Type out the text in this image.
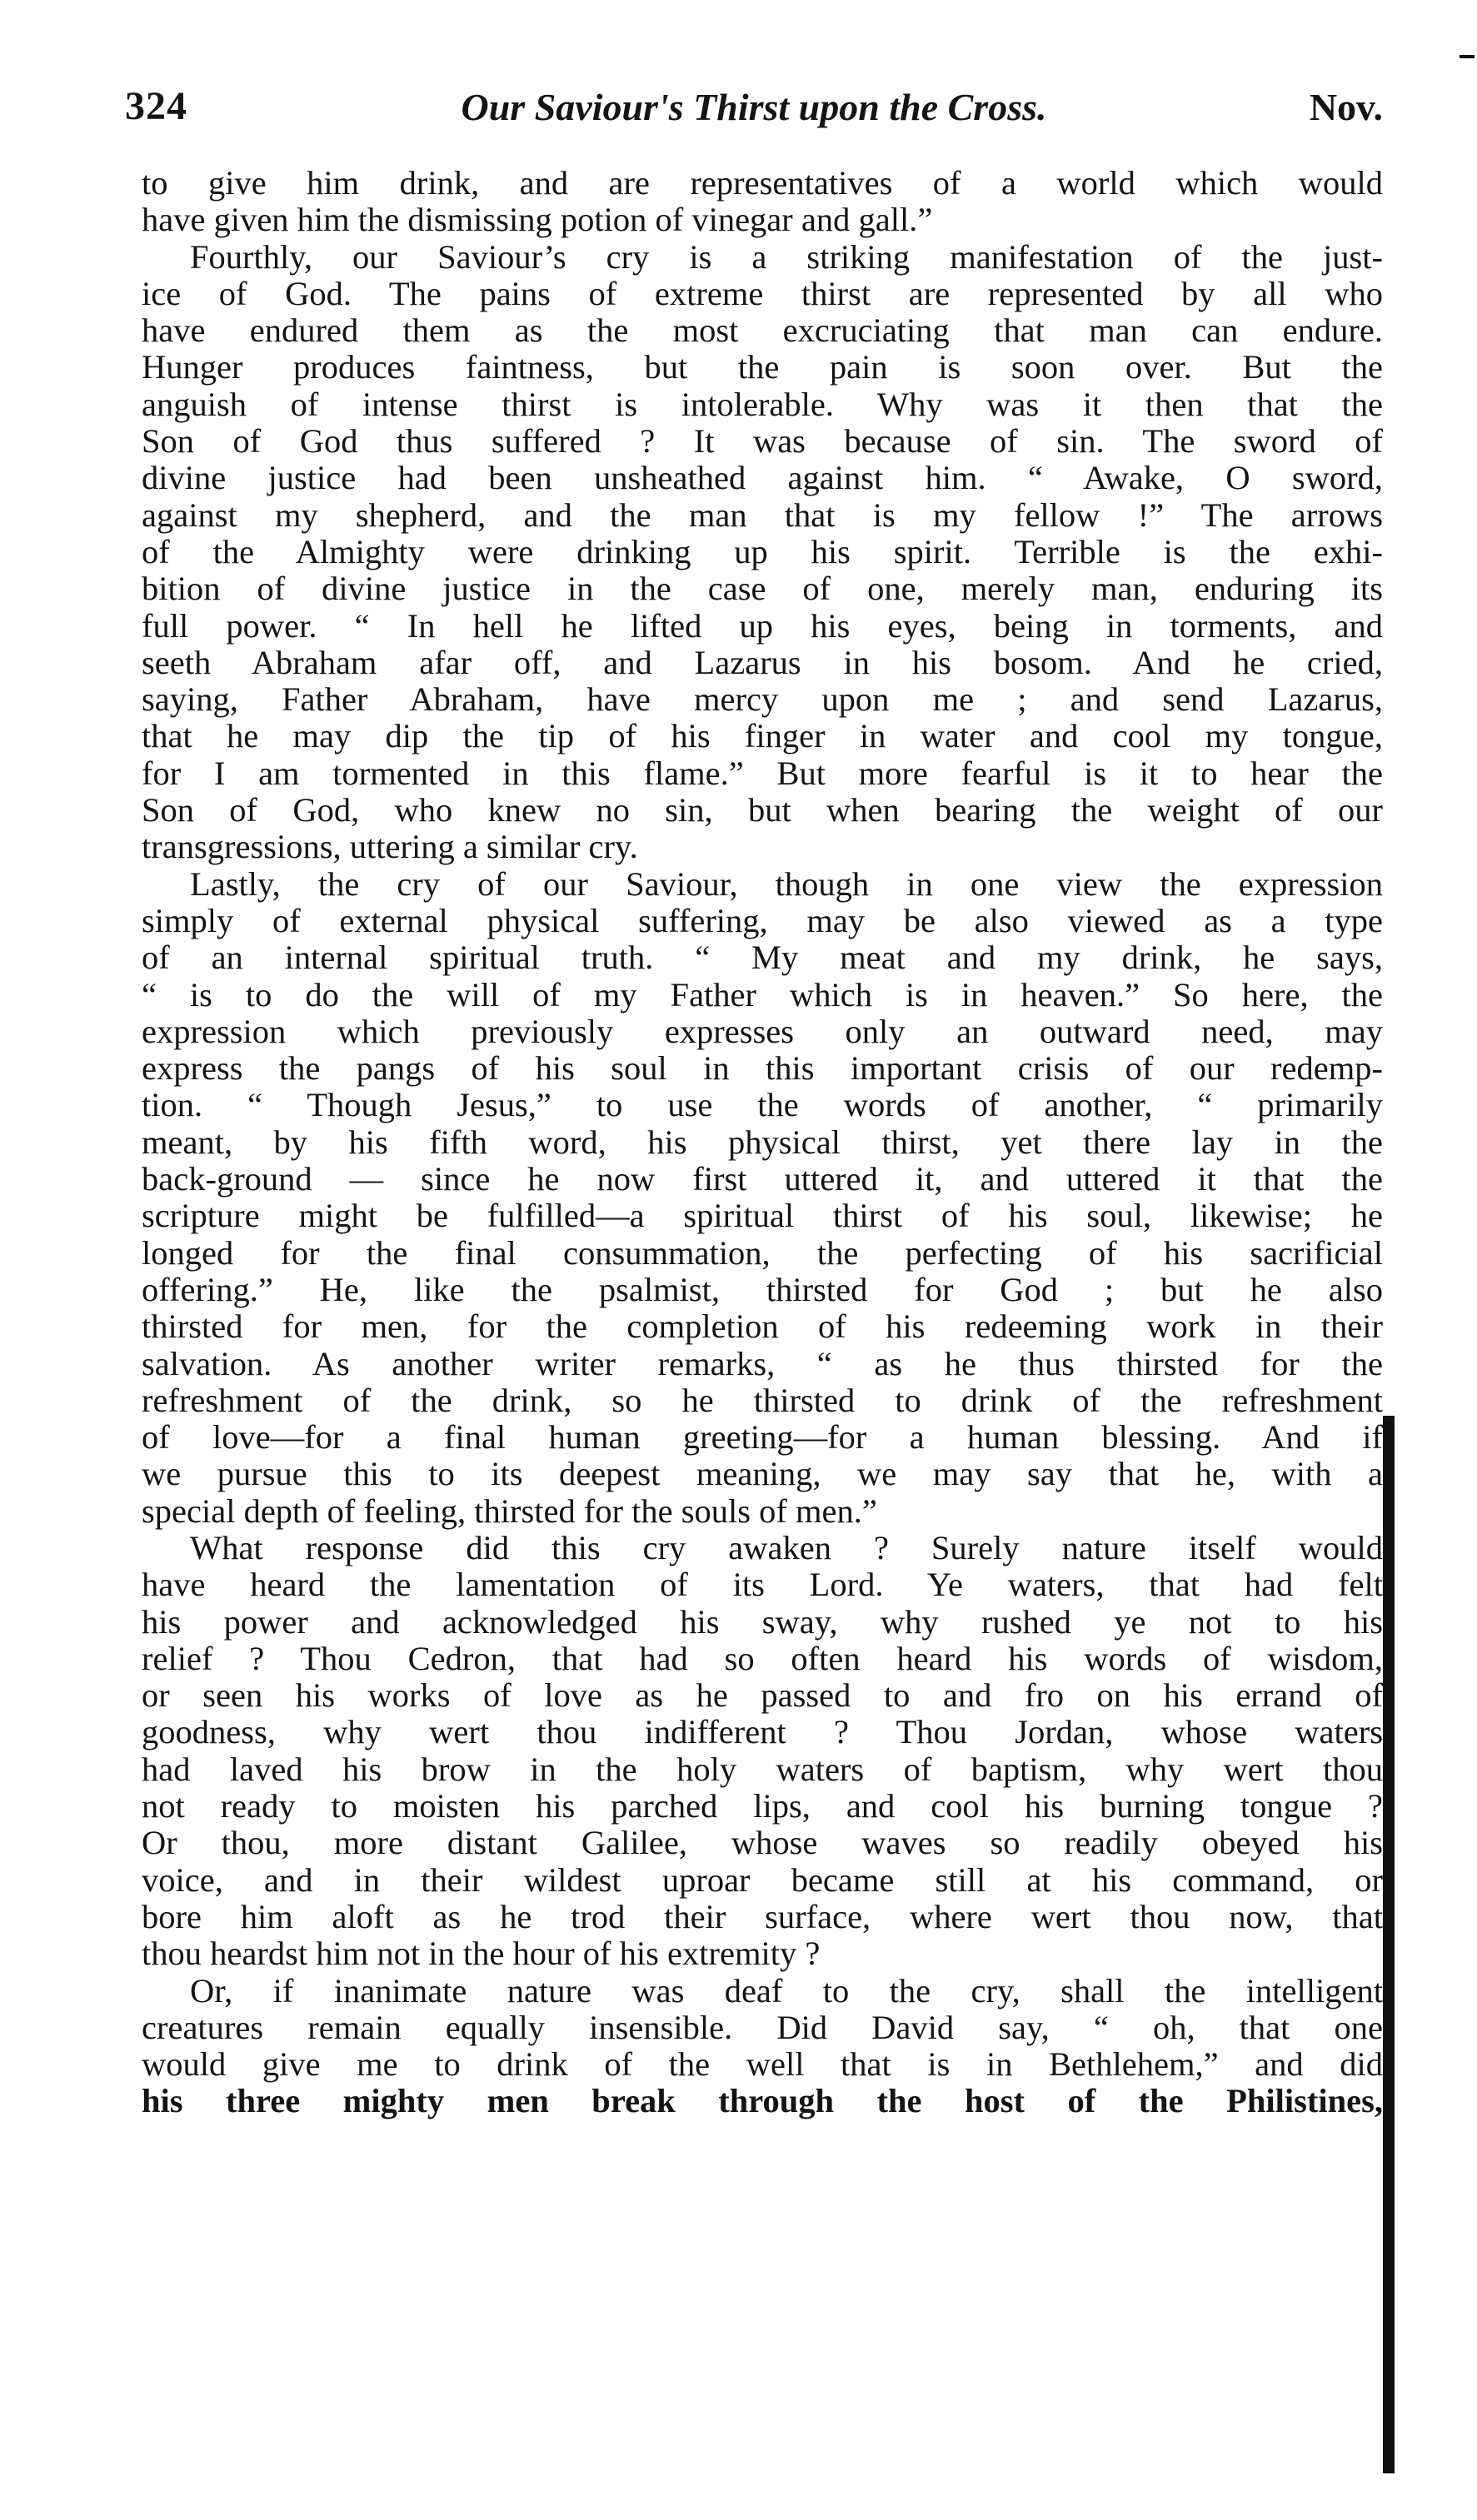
324	Our Saviour's Thirst upon the Cross.	Nov.
to give him drink, and are representatives of a world which would
have given him the dismissing potion of vinegar and gall.”
Fourthly, our Saviour’s cry is a striking manifestation of the just-
ice of God. The pains of extreme thirst are represented by all who
have endured them as the most excruciating that man can endure.
Hunger produces faintness, but the pain is soon over. But the
anguish of intense thirst is intolerable. Why was it then that the
Son of God thus suffered ? It was because of sin. The sword of
divine justice had been unsheathed against him. “ Awake, O sword,
against my shepherd, and the man that is my fellow !” The arrows
of the Almighty were drinking up his spirit. Terrible is the exhi-
bition of divine justice in the case of one, merely man, enduring its
full power. “ In hell he lifted up his eyes, being in torments, and
seeth Abraham afar off, and Lazarus in his bosom. And he cried,
saying, Father Abraham, have mercy upon me ; and send Lazarus,
that he may dip the tip of his finger in water and cool my tongue,
for I am tormented in this flame.” But more fearful is it to hear the
Son of God, who knew no sin, but when bearing the weight of our
transgressions, uttering a similar cry.
Lastly, the cry of our Saviour, though in one view the expression
simply of external physical suffering, may be also viewed as a type
of an internal spiritual truth. “ My meat and my drink, he says,
“ is to do the will of my Father which is in heaven.” So here, the
expression which previously expresses only an outward need, may
express the pangs of his soul in this important crisis of our redemp-
tion. “ Though Jesus,” to use the words of another, “ primarily
meant, by his fifth word, his physical thirst, yet there lay in the
back-ground — since he now first uttered it, and uttered it that the
scripture might be fulfilled—a spiritual thirst of his soul, likewise; he
longed for the final consummation, the perfecting of his sacrificial
offering.” He, like the psalmist, thirsted for God ; but he also
thirsted for men, for the completion of his redeeming work in their
salvation. As another writer remarks, “ as he thus thirsted for the
refreshment of the drink, so he thirsted to drink of the refreshment
of love—for a final human greeting—for a human blessing. And if
we pursue this to its deepest meaning, we may say that he, with a
special depth of feeling, thirsted for the souls of men.”
What response did this cry awaken ? Surely nature itself would
have heard the lamentation of its Lord. Ye waters, that had felt
his power and acknowledged his sway, why rushed ye not to his
relief ? Thou Cedron, that had so often heard his words of wisdom,
or seen his works of love as he passed to and fro on his errand of
goodness, why wert thou indifferent ? Thou Jordan, whose waters
had laved his brow in the holy waters of baptism, why wert thou
not ready to moisten his parched lips, and cool his burning tongue ?
Or thou, more distant Galilee, whose waves so readily obeyed his
voice, and in their wildest uproar became still at his command, or
bore him aloft as he trod their surface, where wert thou now, that
thou heardst him not in the hour of his extremity ?
Or, if inanimate nature was deaf to the cry, shall the intelligent
creatures remain equally insensible. Did David say, “ oh, that one
would give me to drink of the well that is in Bethlehem,” and did
his three mighty men break through the host of the Philistines,
